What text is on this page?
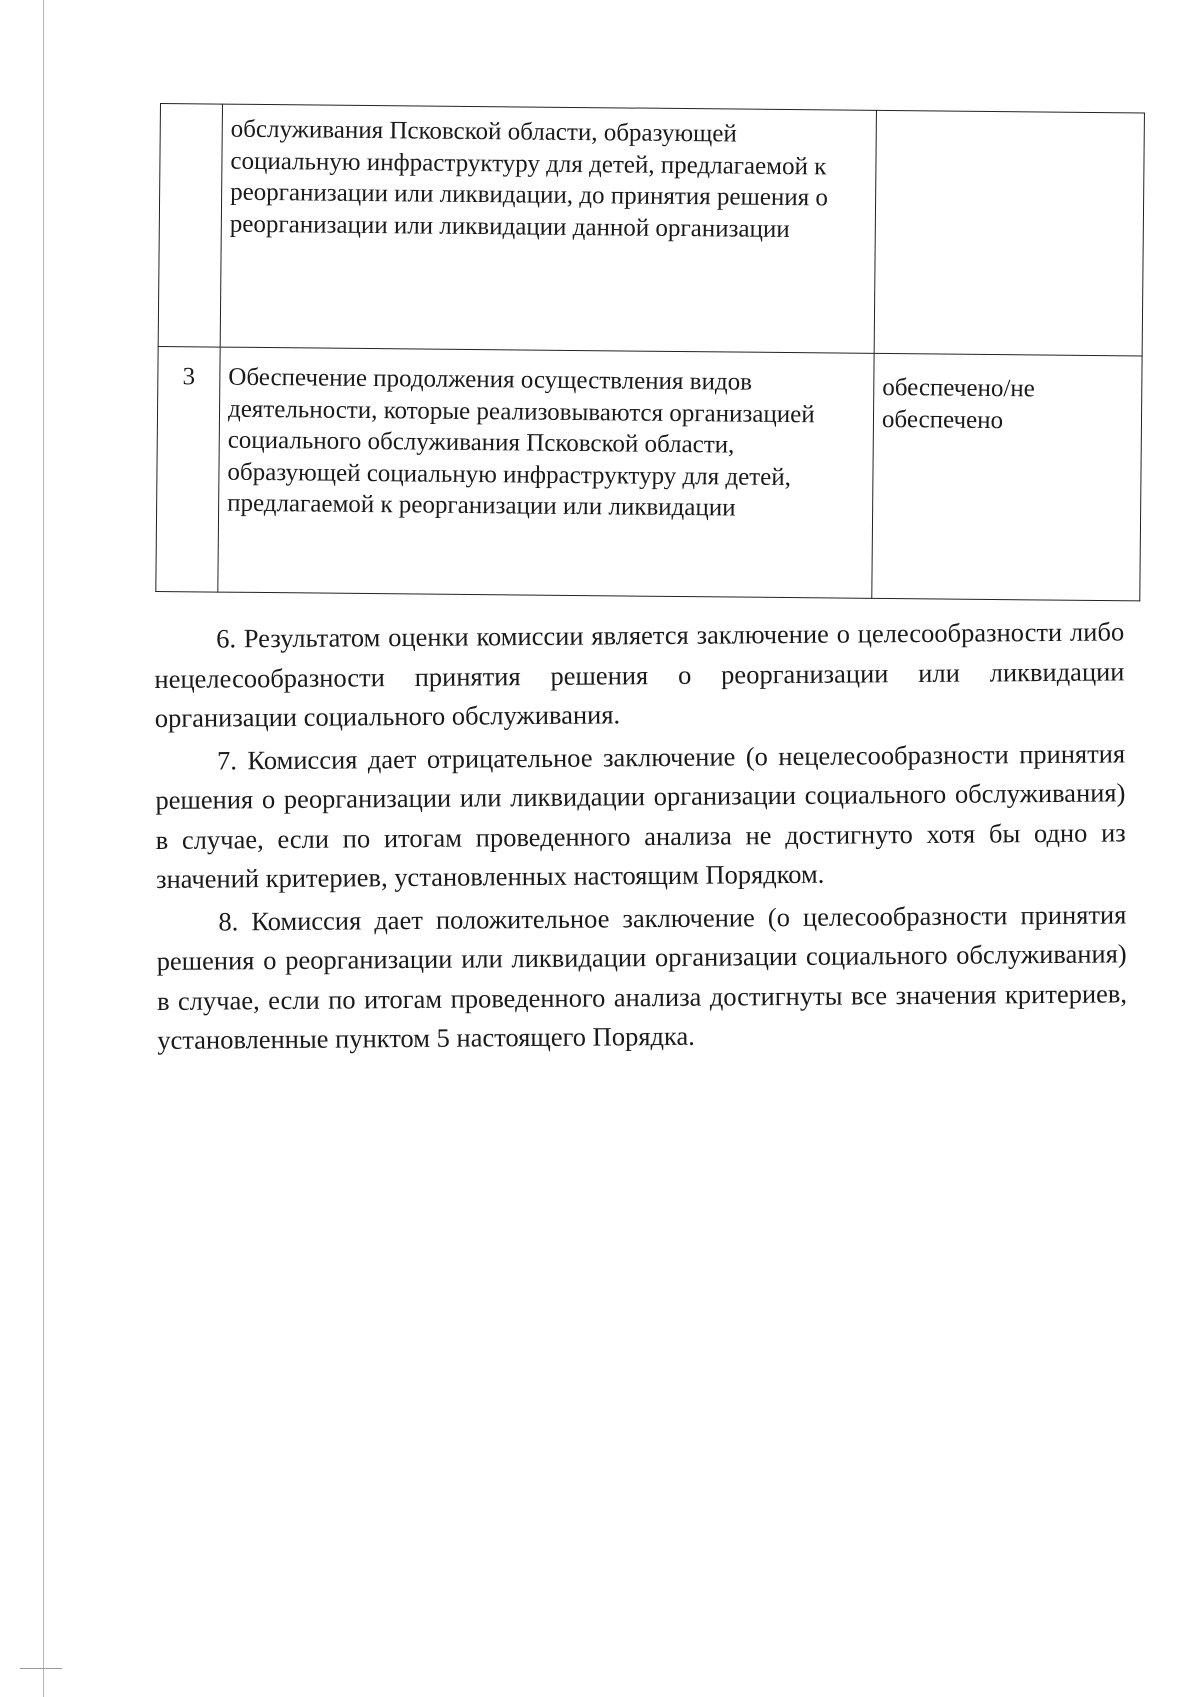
	обслуживания Псковской области, образующей социальную инфраструктуру для детей, предлагаемой к реорганизации или ликвидации, до принятия решения о реорганизации или ликвидации данной организации	
3	Обеспечение продолжения осуществления видов деятельности, которые реализовываются организацией социального обслуживания Псковской области, образующей социальную инфраструктуру для детей, предлагаемой к реорганизации или ликвидации	обеспечено/не обеспечено

6. Результатом оценки комиссии является заключение о целесообразности либо нецелесообразности принятия решения о реорганизации или ликвидации организации социального обслуживания.

7. Комиссия дает отрицательное заключение (о нецелесообразности принятия решения о реорганизации или ликвидации организации социального обслуживания) в случае, если по итогам проведенного анализа не достигнуто хотя бы одно из значений критериев, установленных настоящим Порядком.

8. Комиссия дает положительное заключение (о целесообразности принятия решения о реорганизации или ликвидации организации социального обслуживания) в случае, если по итогам проведенного анализа достигнуты все значения критериев, установленные пунктом 5 настоящего Порядка.
